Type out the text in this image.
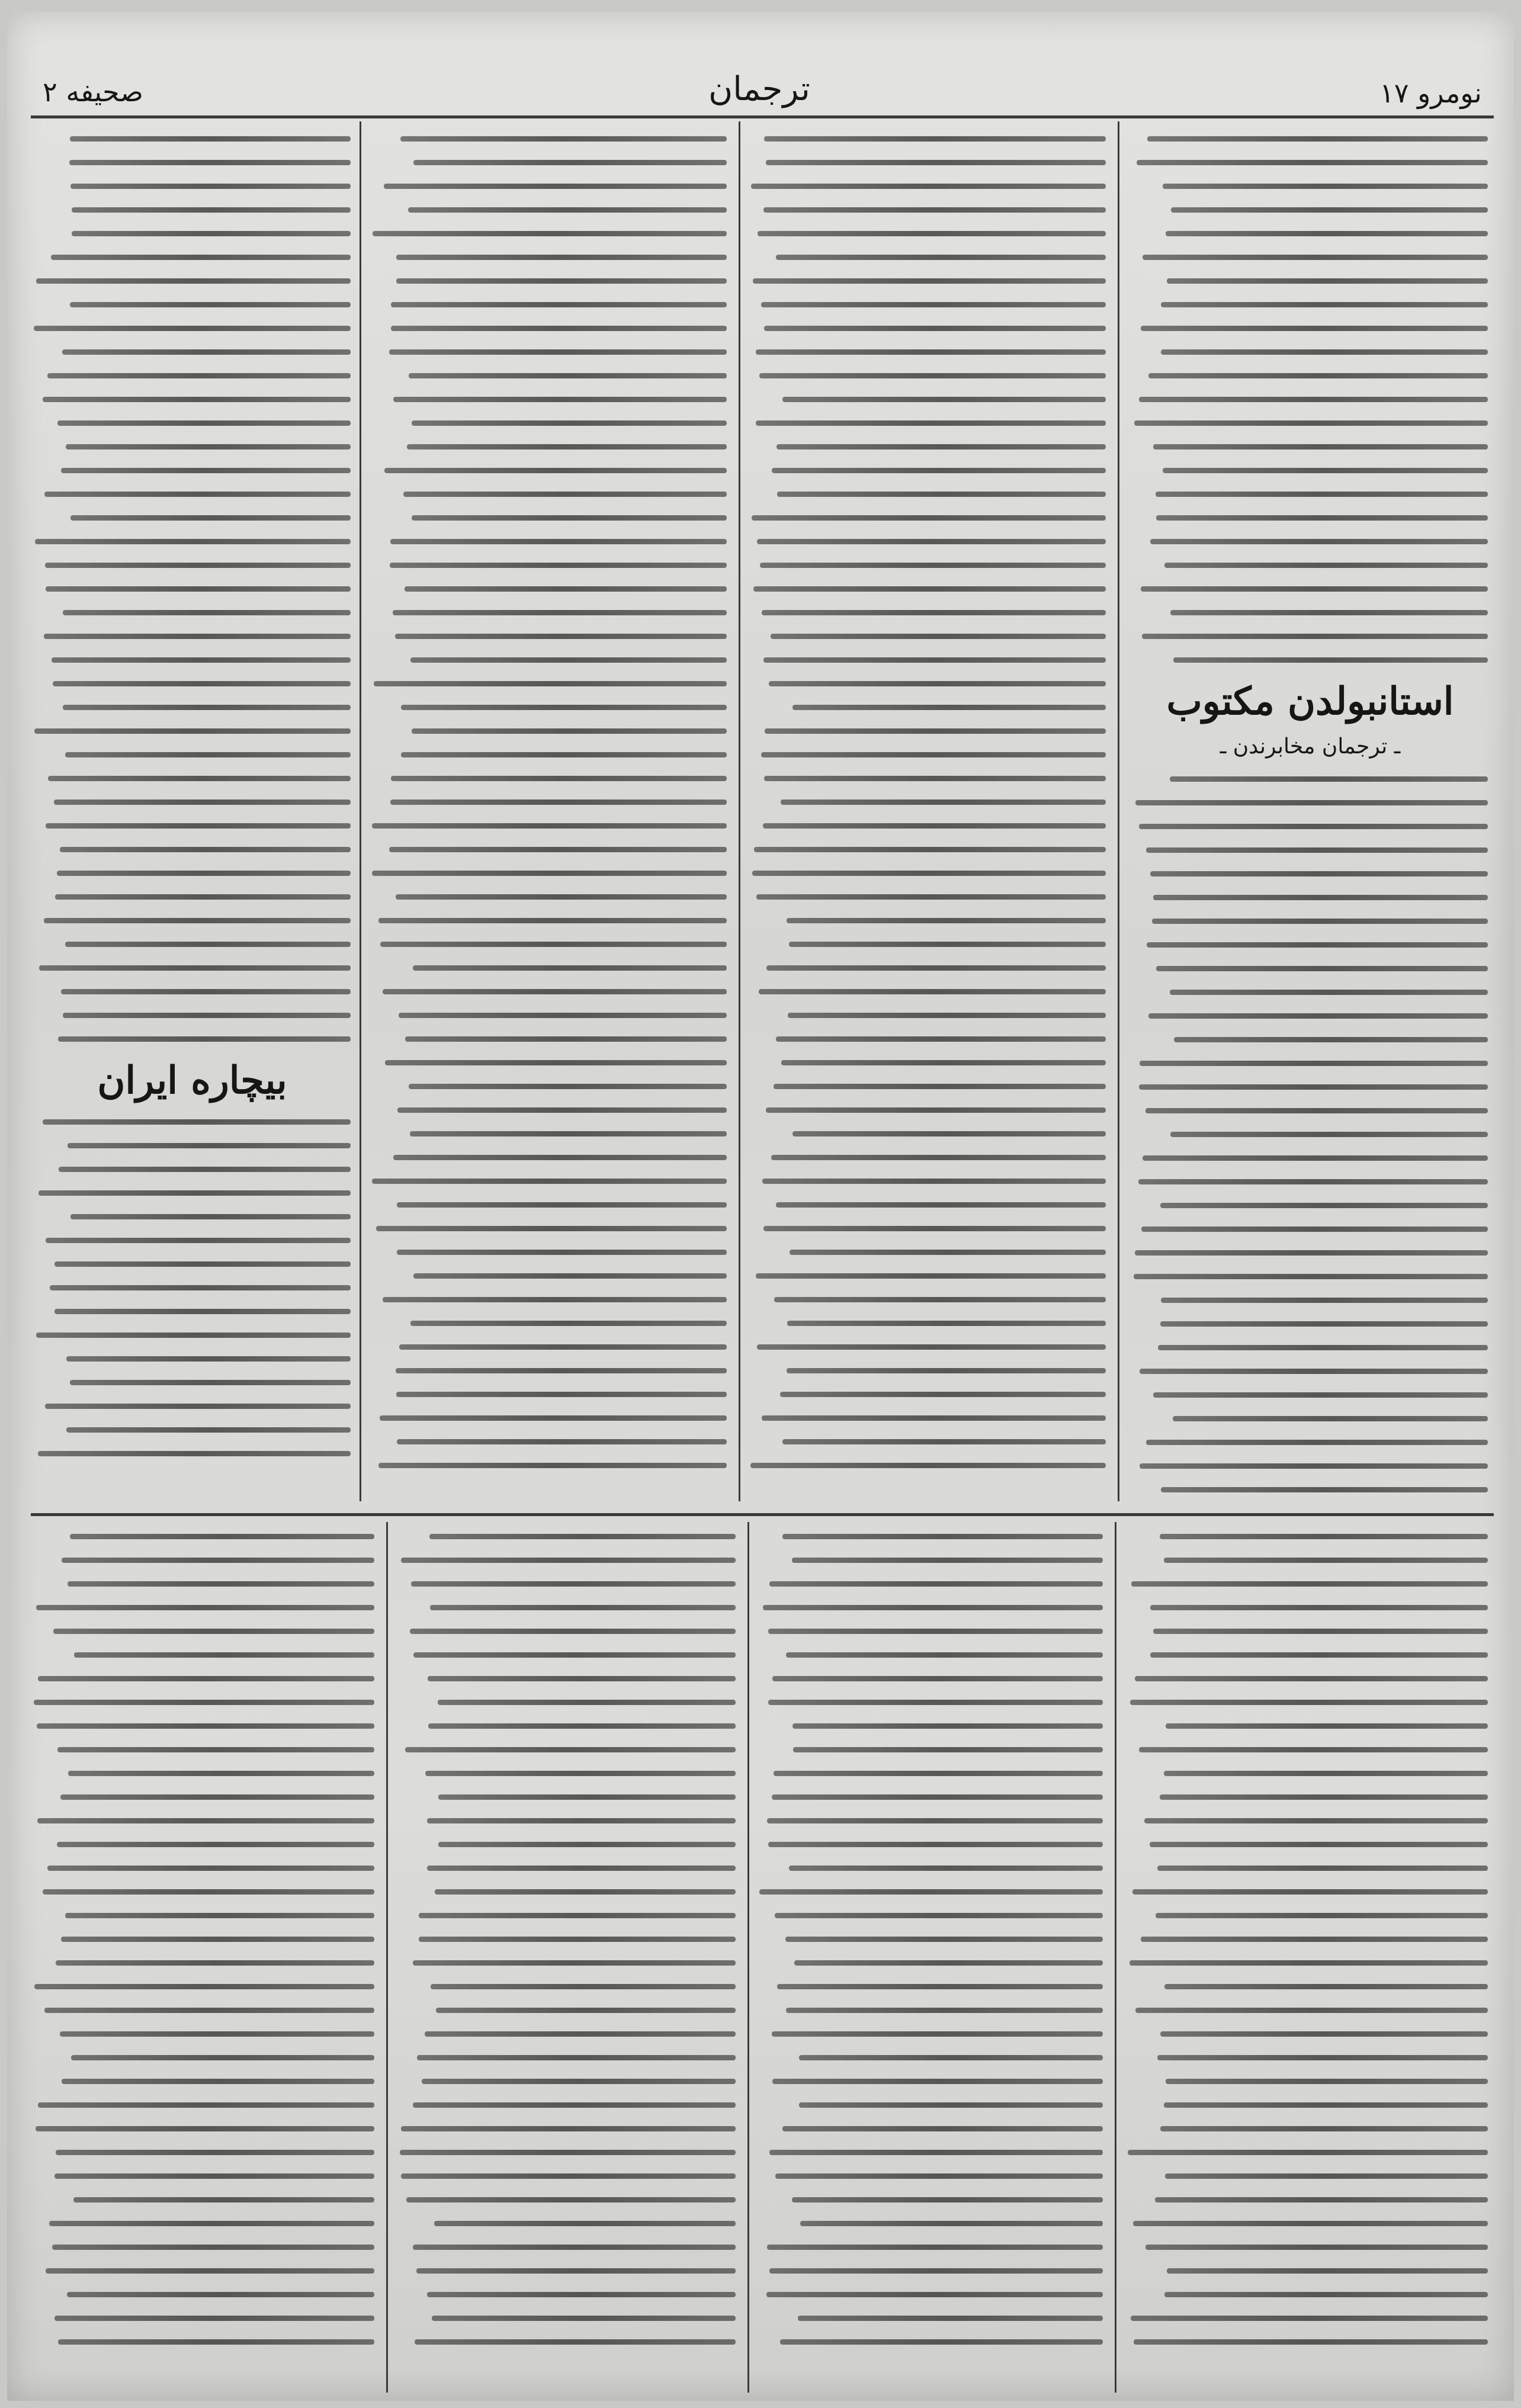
صحیفه ۲	ترجمان	نومرو ۱۷
استانبولدن مکتوب
ـ ترجمان مخابرندن ـ
بیچاره ایران
